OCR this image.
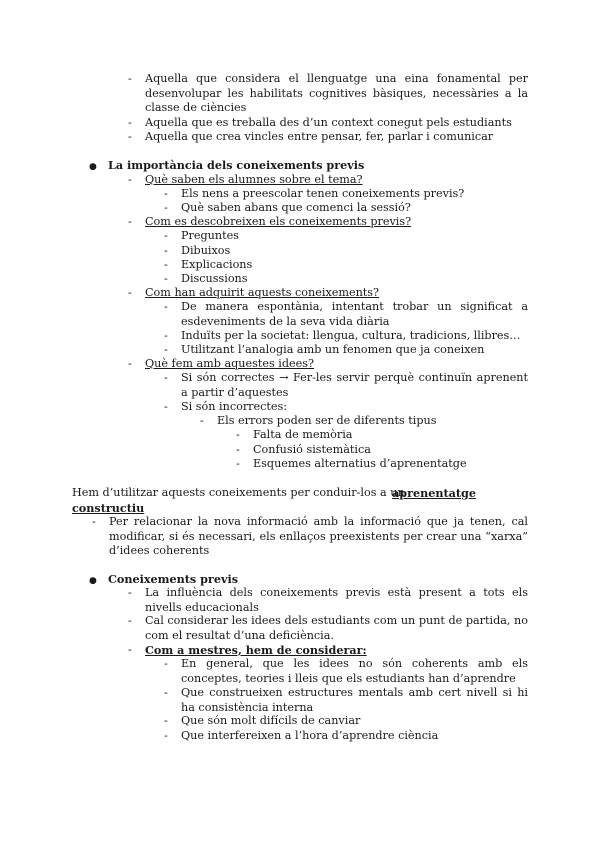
- Aquella que considera el llenguatge una eina fonamental per desenvolupar les habilitats cognitives bàsiques, necessàries a la classe de ciències
- Aquella que es treballa des d’un context conegut pels estudiants
- Aquella que crea vincles entre pensar, fer, parlar i comunicar
● La importància dels coneixements previs
- Què saben els alumnes sobre el tema?
- Els nens a preescolar tenen coneixements previs?
- Què saben abans que comenci la sessió?
- Com es descobreixen els coneixements previs?
- Preguntes
- Dibuixos
- Explicacions
- Discussions
- Com han adquirit aquests coneixements?
- De manera espontània, intentant trobar un significat a esdeveniments de la seva vida diària
- Induïts per la societat: llengua, cultura, tradicions, llibres…
- Utilitzant l’analogia amb un fenomen que ja coneixen
- Què fem amb aquestes idees?
- Si són correctes → Fer-les servir perquè continuïn aprenent a partir d’aquestes
- Si són incorrectes:
- Els errors poden ser de diferents tipus
- Falta de memòria
- Confusió sistemàtica
- Esquemes alternatius d’aprenentatge
Hem d’utilitzar aquests coneixements per conduir-los a un
aprenentatge constructiu
- Per relacionar la nova informació amb la informació que ja tenen, cal modificar, si és necessari, els enllaços preexistents per crear una “xarxa” d’idees coherents
● Coneixements previs
- La influència dels coneixements previs està present a tots els nivells educacionals
- Cal considerar les idees dels estudiants com un punt de partida, no com el resultat d’una deficiència.
- Com a mestres, hem de considerar:
- En general, que les idees no són coherents amb els conceptes, teories i lleis que els estudiants han d’aprendre
- Que construeixen estructures mentals amb cert nivell si hi ha consistència interna
- Que són molt difícils de canviar
- Que interfereixen a l’hora d’aprendre ciència
